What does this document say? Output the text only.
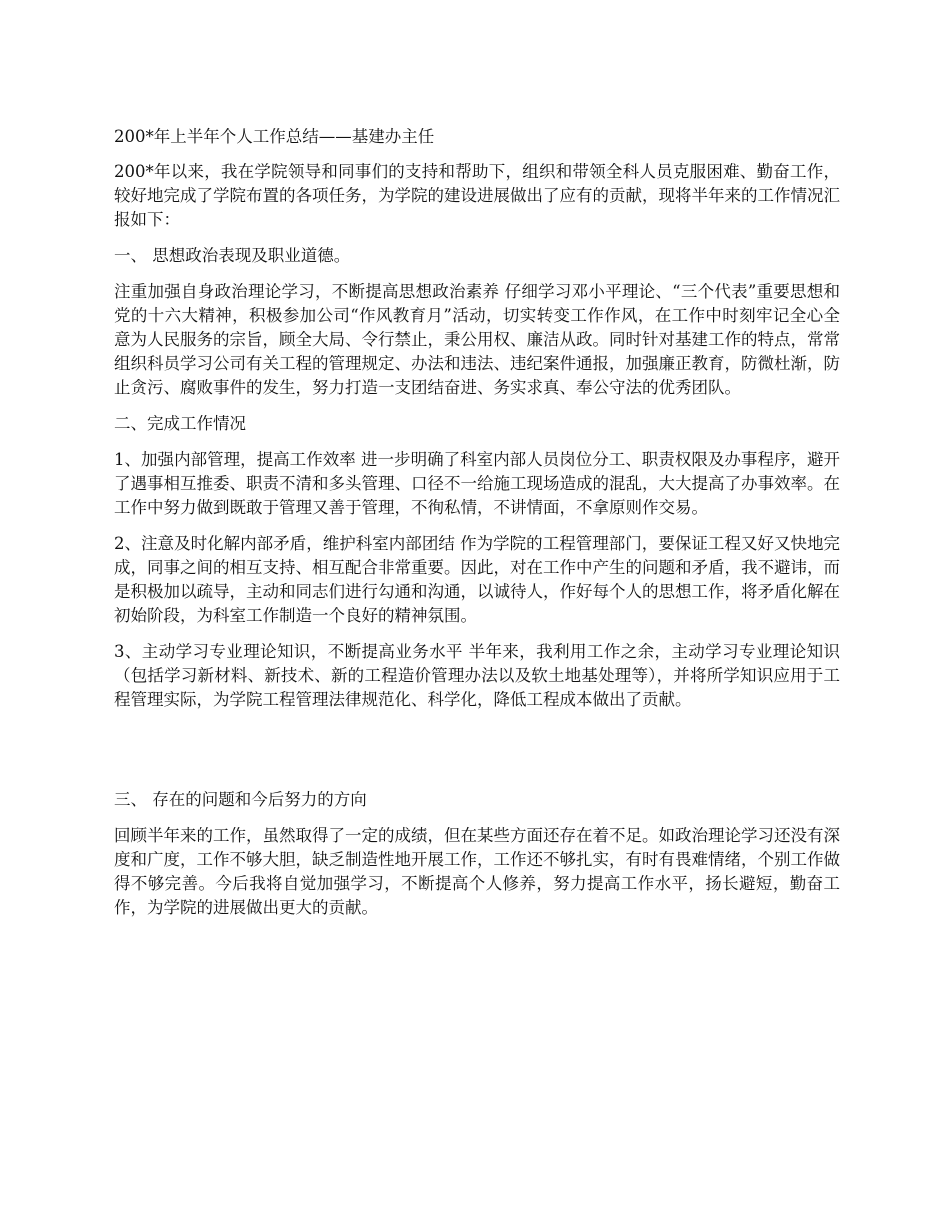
200*年上半年个人工作总结——基建办主任

200*年以来，我在学院领导和同事们的支持和帮助下，组织和带领全科人员克服困难、勤奋工作，较好地完成了学院布置的各项任务，为学院的建设进展做出了应有的贡献，现将半年来的工作情况汇报如下：

一、 思想政治表现及职业道德。

注重加强自身政治理论学习，不断提高思想政治素养 仔细学习邓小平理论、“三个代表”重要思想和党的十六大精神，积极参加公司“作风教育月”活动，切实转变工作作风，在工作中时刻牢记全心全意为人民服务的宗旨，顾全大局、令行禁止，秉公用权、廉洁从政。同时针对基建工作的特点，常常组织科员学习公司有关工程的管理规定、办法和违法、违纪案件通报，加强廉正教育，防微杜渐，防止贪污、腐败事件的发生，努力打造一支团结奋进、务实求真、奉公守法的优秀团队。

二、完成工作情况

1、加强内部管理，提高工作效率 进一步明确了科室内部人员岗位分工、职责权限及办事程序，避开了遇事相互推委、职责不清和多头管理、口径不一给施工现场造成的混乱，大大提高了办事效率。在工作中努力做到既敢于管理又善于管理，不徇私情，不讲情面，不拿原则作交易。

2、注意及时化解内部矛盾，维护科室内部团结 作为学院的工程管理部门，要保证工程又好又快地完成，同事之间的相互支持、相互配合非常重要。因此，对在工作中产生的问题和矛盾，我不避讳，而是积极加以疏导，主动和同志们进行勾通和沟通，以诚待人，作好每个人的思想工作，将矛盾化解在初始阶段，为科室工作制造一个良好的精神氛围。

3、主动学习专业理论知识，不断提高业务水平 半年来，我利用工作之余，主动学习专业理论知识（包括学习新材料、新技术、新的工程造价管理办法以及软土地基处理等），并将所学知识应用于工程管理实际，为学院工程管理法律规范化、科学化，降低工程成本做出了贡献。

三、 存在的问题和今后努力的方向

回顾半年来的工作，虽然取得了一定的成绩，但在某些方面还存在着不足。如政治理论学习还没有深度和广度，工作不够大胆，缺乏制造性地开展工作，工作还不够扎实，有时有畏难情绪，个别工作做得不够完善。今后我将自觉加强学习，不断提高个人修养，努力提高工作水平，扬长避短，勤奋工作，为学院的进展做出更大的贡献。
